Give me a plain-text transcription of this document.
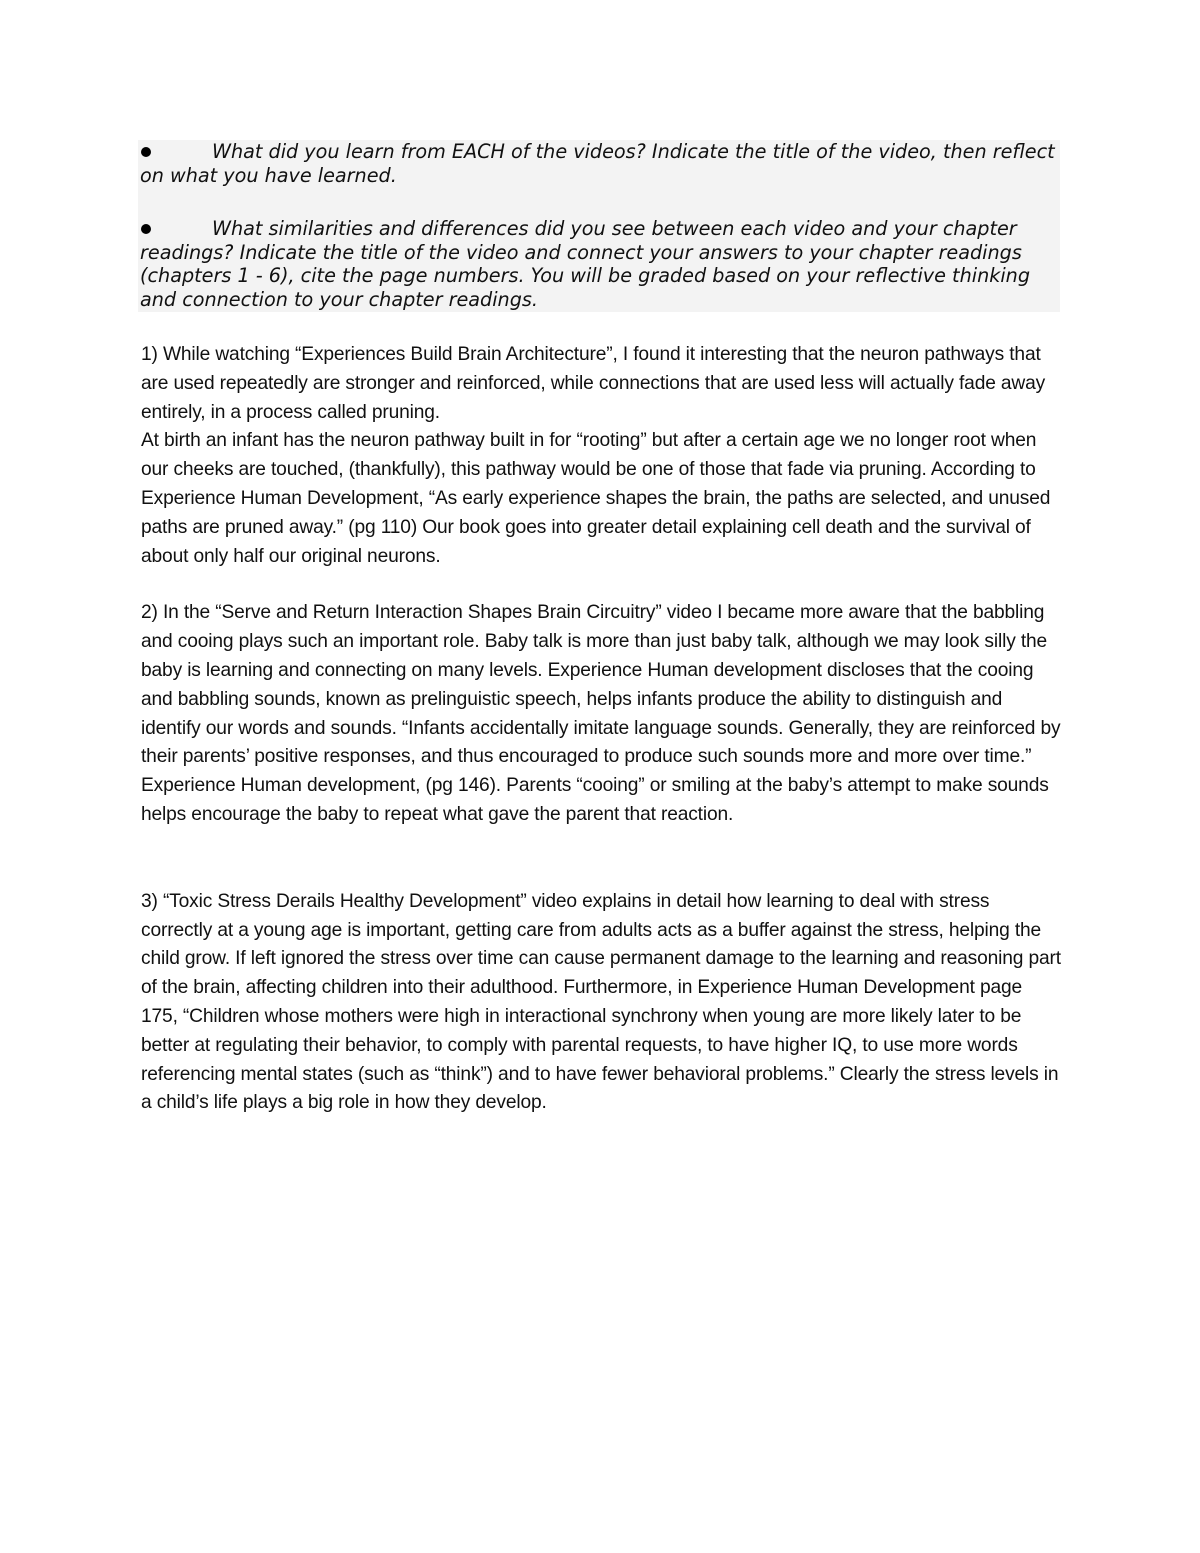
What did you learn from EACH of the videos? Indicate the title of the video, then reflect on what you have learned.

What similarities and differences did you see between each video and your chapter readings? Indicate the title of the video and connect your answers to your chapter readings (chapters 1 - 6), cite the page numbers. You will be graded based on your reflective thinking and connection to your chapter readings.

1) While watching “Experiences Build Brain Architecture”, I found it interesting that the neuron pathways that are used repeatedly are stronger and reinforced, while connections that are used less will actually fade away entirely, in a process called pruning.
At birth an infant has the neuron pathway built in for “rooting” but after a certain age we no longer root when our cheeks are touched, (thankfully), this pathway would be one of those that fade via pruning. According to Experience Human Development, “As early experience shapes the brain, the paths are selected, and unused paths are pruned away.” (pg 110) Our book goes into greater detail explaining cell death and the survival of about only half our original neurons.

2) In the “Serve and Return Interaction Shapes Brain Circuitry” video I became more aware that the babbling and cooing plays such an important role. Baby talk is more than just baby talk, although we may look silly the baby is learning and connecting on many levels. Experience Human development discloses that the cooing and babbling sounds, known as prelinguistic speech, helps infants produce the ability to distinguish and identify our words and sounds. “Infants accidentally imitate language sounds. Generally, they are reinforced by their parents’ positive responses, and thus encouraged to produce such sounds more and more over time.” Experience Human development, (pg 146). Parents “cooing” or smiling at the baby’s attempt to make sounds helps encourage the baby to repeat what gave the parent that reaction.

3) “Toxic Stress Derails Healthy Development” video explains in detail how learning to deal with stress correctly at a young age is important, getting care from adults acts as a buffer against the stress, helping the child grow. If left ignored the stress over time can cause permanent damage to the learning and reasoning part of the brain, affecting children into their adulthood. Furthermore, in Experience Human Development page 175, “Children whose mothers were high in interactional synchrony when young are more likely later to be better at regulating their behavior, to comply with parental requests, to have higher IQ, to use more words referencing mental states (such as “think”) and to have fewer behavioral problems.” Clearly the stress levels in a child’s life plays a big role in how they develop.
